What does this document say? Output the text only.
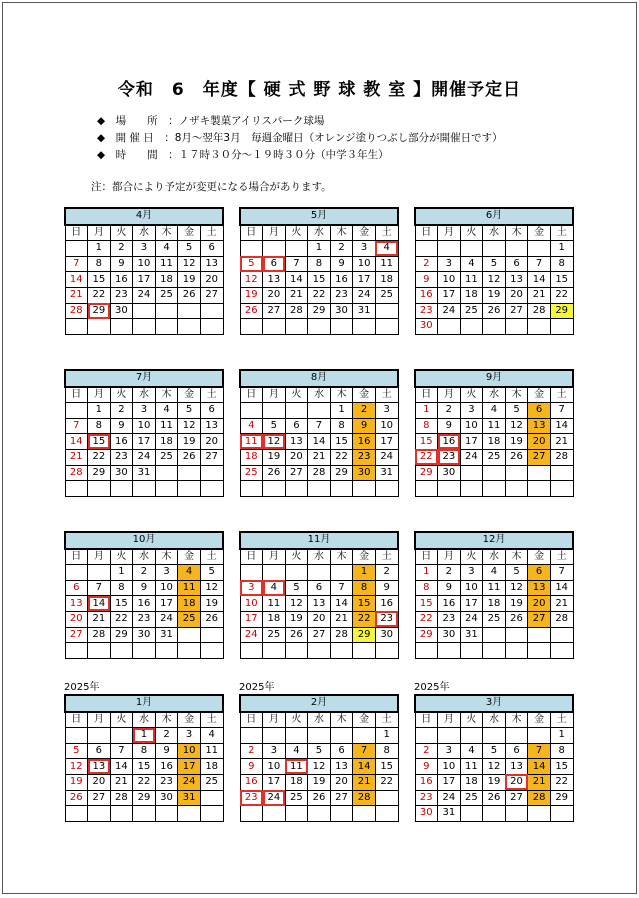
令和　6　年度【 硬 式 野 球 教 室 】開催予定日
◆　場　　所　：ノザキ製菓アイリスパーク球場
◆　開 催 日　：8月～翌年3月　毎週金曜日（オレンジ塗りつぶし部分が開催日です）
◆　時　　間　：１７時３０分～１９時３０分（中学３年生）
注：都合により予定が変更になる場合があります。
4月						
日	月	火	水	木	金	土
	1	2	3	4	5	6
7	8	9	10	11	12	13
14	15	16	17	18	19	20
21	22	23	24	25	26	27
28	29	30				

5月						
日	月	火	水	木	金	土
			1	2	3	4
5	6	7	8	9	10	11
12	13	14	15	16	17	18
19	20	21	22	23	24	25
26	27	28	29	30	31	

6月						
日	月	火	水	木	金	土
						1
2	3	4	5	6	7	8
9	10	11	12	13	14	15
16	17	18	19	20	21	22
23	24	25	26	27	28	29
30						
7月						
日	月	火	水	木	金	土
	1	2	3	4	5	6
7	8	9	10	11	12	13
14	15	16	17	18	19	20
21	22	23	24	25	26	27
28	29	30	31			

8月						
日	月	火	水	木	金	土
				1	2	3
4	5	6	7	8	9	10
11	12	13	14	15	16	17
18	19	20	21	22	23	24
25	26	27	28	29	30	31

9月						
日	月	火	水	木	金	土
1	2	3	4	5	6	7
8	9	10	11	12	13	14
15	16	17	18	19	20	21
22	23	24	25	26	27	28
29	30					

10月						
日	月	火	水	木	金	土
		1	2	3	4	5
6	7	8	9	10	11	12
13	14	15	16	17	18	19
20	21	22	23	24	25	26
27	28	29	30	31		

11月						
日	月	火	水	木	金	土
					1	2
3	4	5	6	7	8	9
10	11	12	13	14	15	16
17	18	19	20	21	22	23
24	25	26	27	28	29	30

12月						
日	月	火	水	木	金	土
1	2	3	4	5	6	7
8	9	10	11	12	13	14
15	16	17	18	19	20	21
22	23	24	25	26	27	28
29	30	31				

2025年
1月						
日	月	火	水	木	金	土
			1	2	3	4
5	6	7	8	9	10	11
12	13	14	15	16	17	18
19	20	21	22	23	24	25
26	27	28	29	30	31	

2025年
2月						
日	月	火	水	木	金	土
						1
2	3	4	5	6	7	8
9	10	11	12	13	14	15
16	17	18	19	20	21	22
23	24	25	26	27	28	

2025年
3月						
日	月	火	水	木	金	土
						1
2	3	4	5	6	7	8
9	10	11	12	13	14	15
16	17	18	19	20	21	22
23	24	25	26	27	28	29
30	31					
